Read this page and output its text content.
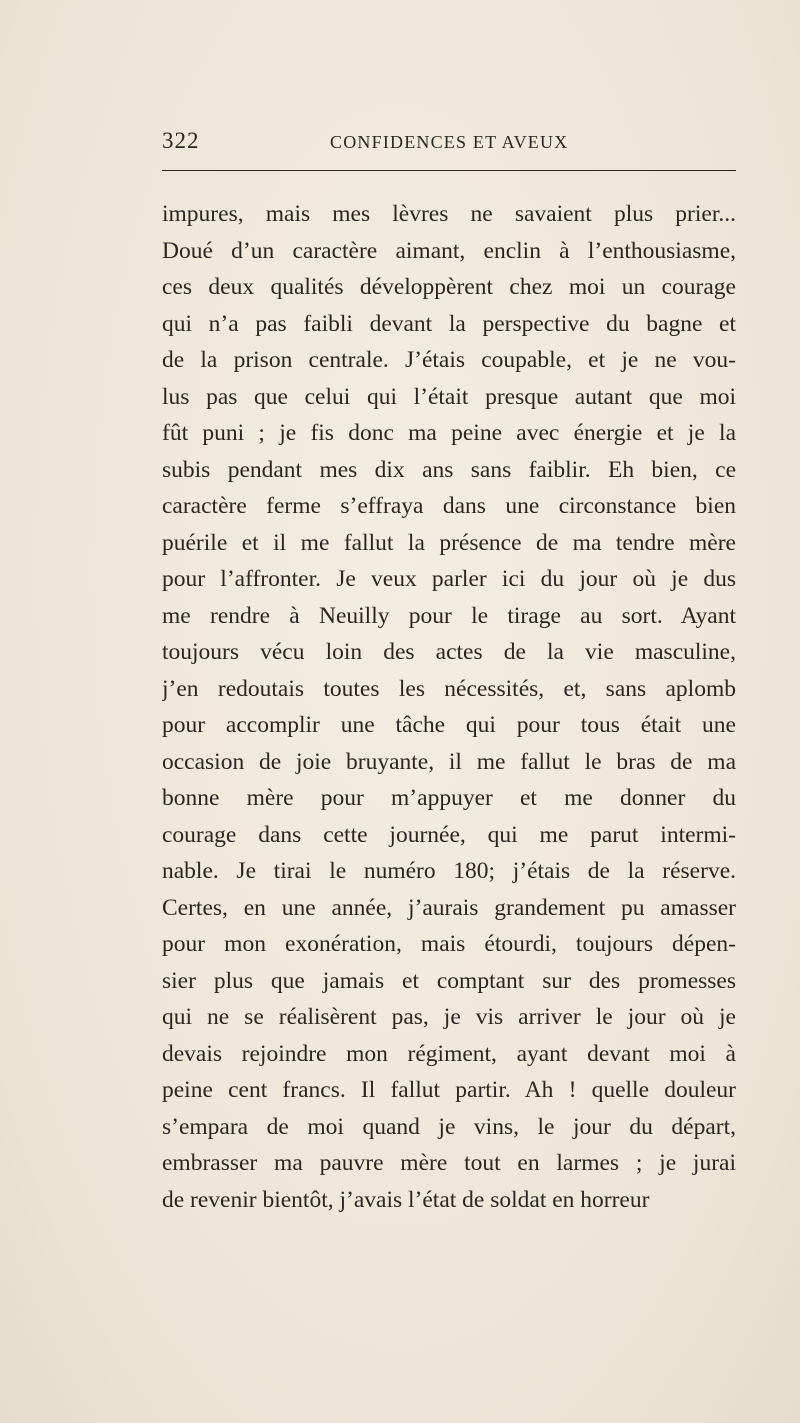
322	CONFIDENCES ET AVEUX
impures, mais mes lèvres ne savaient plus prier...
Doué d’un caractère aimant, enclin à l’enthousiasme,
ces deux qualités développèrent chez moi un courage
qui n’a pas faibli devant la perspective du bagne et
de la prison centrale. J’étais coupable, et je ne vou-
lus pas que celui qui l’était presque autant que moi
fût puni ; je fis donc ma peine avec énergie et je la
subis pendant mes dix ans sans faiblir. Eh bien, ce
caractère ferme s’effraya dans une circonstance bien
puérile et il me fallut la présence de ma tendre mère
pour l’affronter. Je veux parler ici du jour où je dus
me rendre à Neuilly pour le tirage au sort. Ayant
toujours vécu loin des actes de la vie masculine,
j’en redoutais toutes les nécessités, et, sans aplomb
pour accomplir une tâche qui pour tous était une
occasion de joie bruyante, il me fallut le bras de ma
bonne mère pour m’appuyer et me donner du
courage dans cette journée, qui me parut intermi-
nable. Je tirai le numéro 180; j’étais de la réserve.
Certes, en une année, j’aurais grandement pu amasser
pour mon exonération, mais étourdi, toujours dépen-
sier plus que jamais et comptant sur des promesses
qui ne se réalisèrent pas, je vis arriver le jour où je
devais rejoindre mon régiment, ayant devant moi à
peine cent francs. Il fallut partir. Ah ! quelle douleur
s’empara de moi quand je vins, le jour du départ,
embrasser ma pauvre mère tout en larmes ; je jurai
de revenir bientôt, j’avais l’état de soldat en horreur
